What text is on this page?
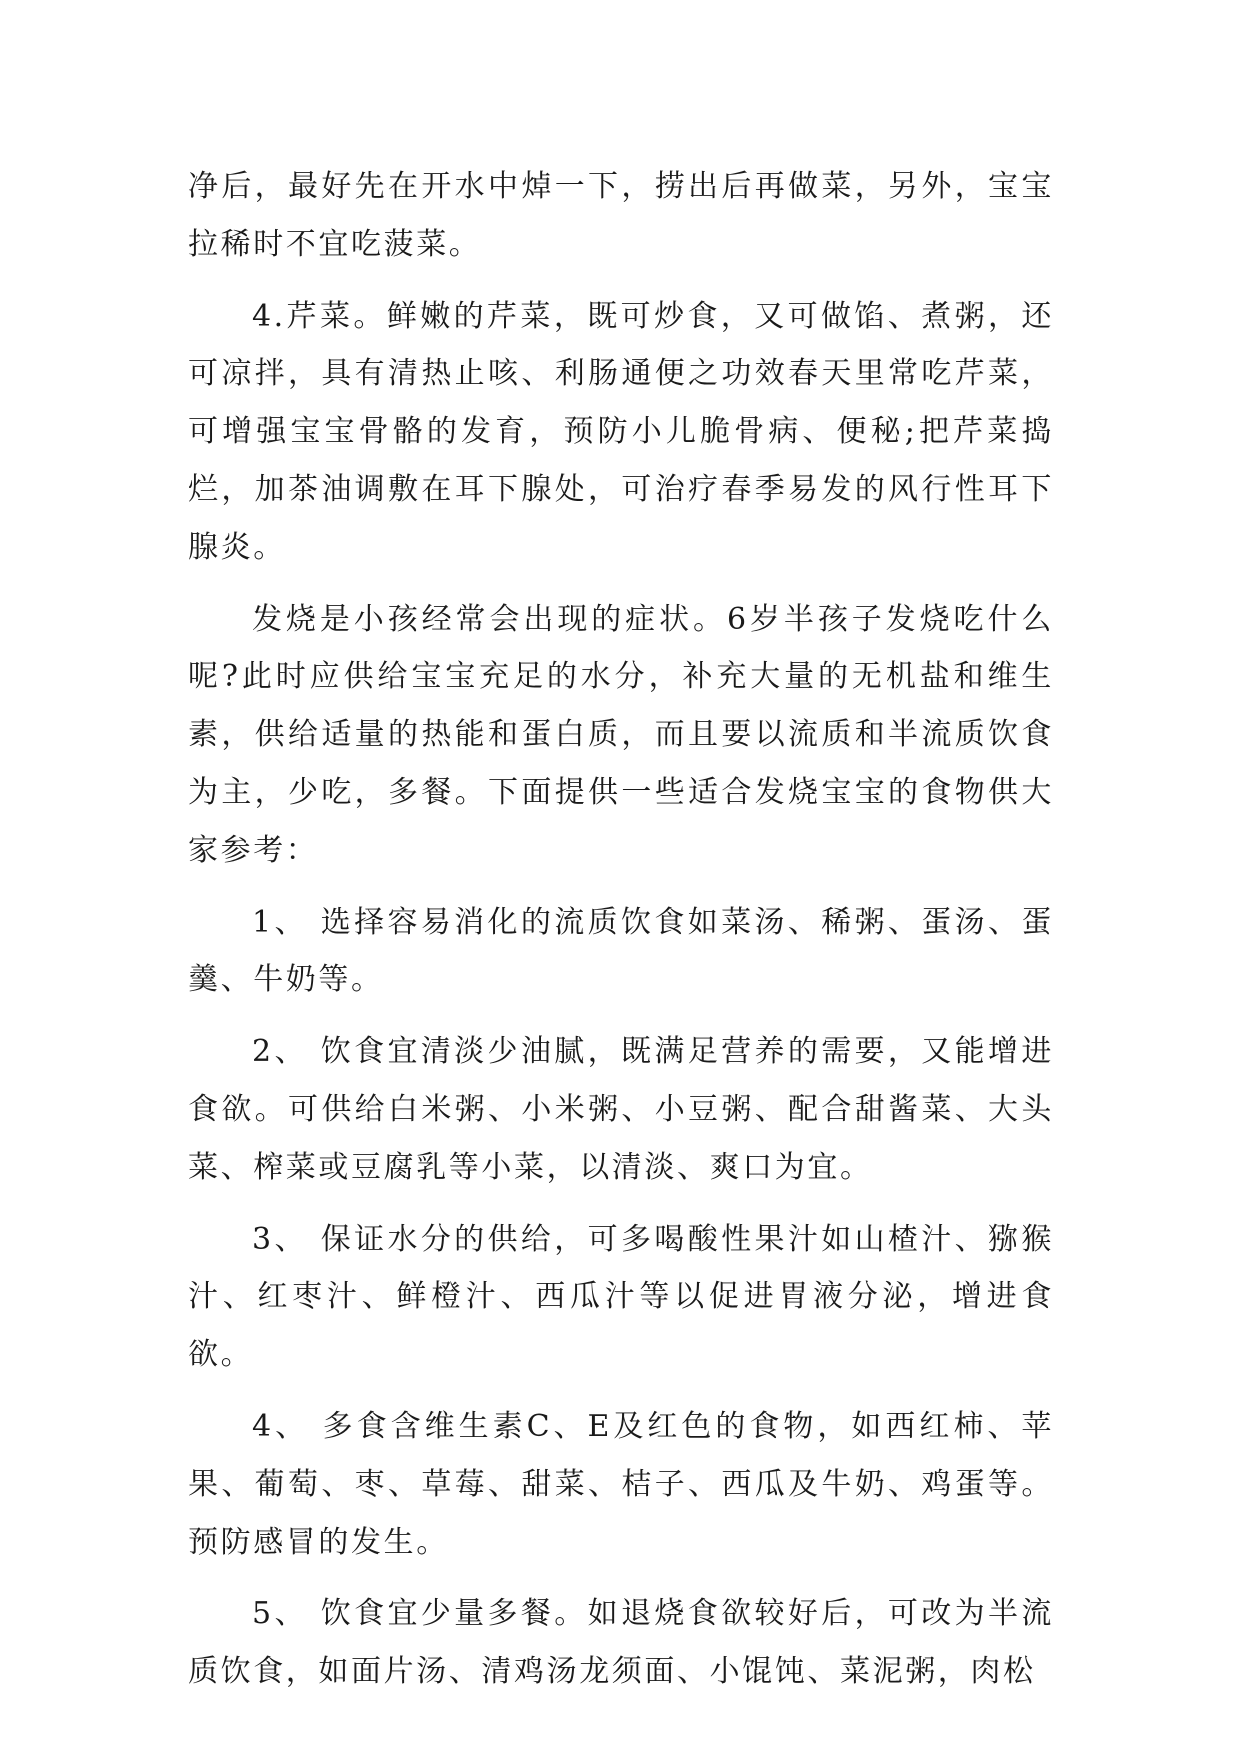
净后，最好先在开水中焯一下，捞出后再做菜，另外，宝宝拉稀时不宜吃菠菜。

4.芹菜。鲜嫩的芹菜，既可炒食，又可做馅、煮粥，还可凉拌，具有清热止咳、利肠通便之功效春天里常吃芹菜，可增强宝宝骨骼的发育，预防小儿脆骨病、便秘;把芹菜捣烂，加茶油调敷在耳下腺处，可治疗春季易发的风行性耳下腺炎。

发烧是小孩经常会出现的症状。6岁半孩子发烧吃什么呢?此时应供给宝宝充足的水分，补充大量的无机盐和维生素，供给适量的热能和蛋白质，而且要以流质和半流质饮食为主，少吃，多餐。下面提供一些适合发烧宝宝的食物供大家参考：

1、 选择容易消化的流质饮食如菜汤、稀粥、蛋汤、蛋羹、牛奶等。

2、 饮食宜清淡少油腻，既满足营养的需要，又能增进食欲。可供给白米粥、小米粥、小豆粥、配合甜酱菜、大头菜、榨菜或豆腐乳等小菜，以清淡、爽口为宜。

3、 保证水分的供给，可多喝酸性果汁如山楂汁、猕猴汁、红枣汁、鲜橙汁、西瓜汁等以促进胃液分泌，增进食欲。

4、 多食含维生素C、E及红色的食物，如西红柿、苹果、葡萄、枣、草莓、甜菜、桔子、西瓜及牛奶、鸡蛋等。预防感冒的发生。

5、 饮食宜少量多餐。如退烧食欲较好后，可改为半流质饮食，如面片汤、清鸡汤龙须面、小馄饨、菜泥粥，肉松
